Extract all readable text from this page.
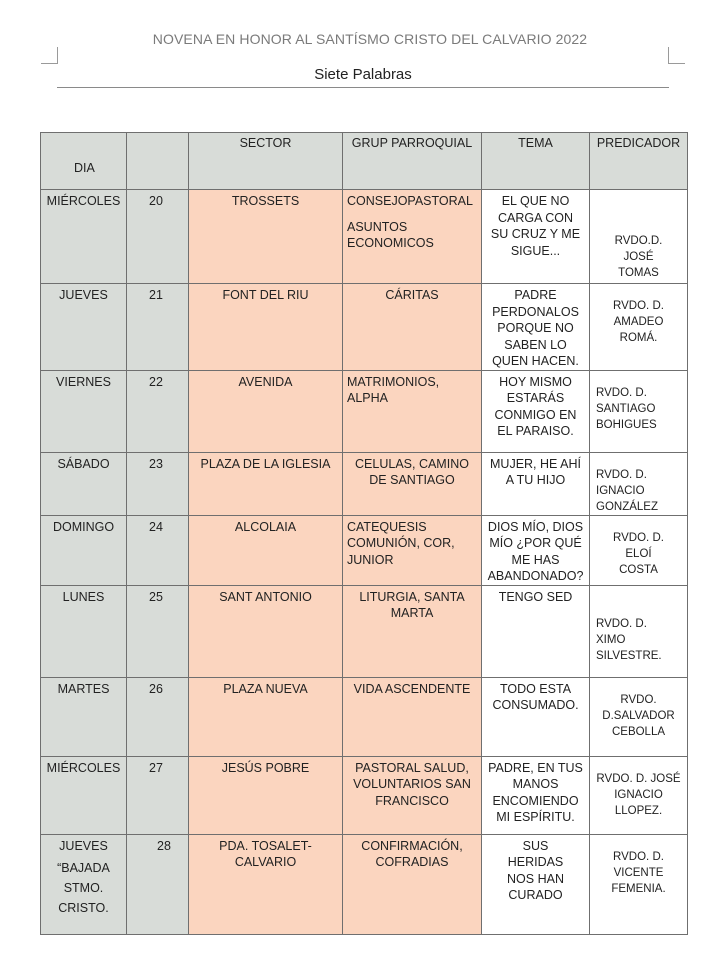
NOVENA EN HONOR AL SANTÍSMO CRISTO DEL CALVARIO 2022
Siete Palabras
DIA		SECTOR	GRUP PARROQUIAL	TEMA	PREDICADOR

MIÉRCOLES	20	TROSSETS	CONSEJOPASTORAL
ASUNTOS ECONOMICOS	EL QUE NO CARGA CON SU CRUZ Y ME SIGUE...	RVDO.D. JOSÉ TOMAS

JUEVES	21	FONT DEL RIU	CÁRITAS	PADRE PERDONALOS PORQUE NO SABEN LO QUEN HACEN.	RVDO. D. AMADEO ROMÁ.

VIERNES	22	AVENIDA	MATRIMONIOS, ALPHA	HOY MISMO ESTARÁS CONMIGO EN EL PARAISO.	RVDO. D. SANTIAGO BOHIGUES

SÁBADO	23	PLAZA DE LA IGLESIA	CELULAS, CAMINO DE SANTIAGO	MUJER, HE AHÍ A TU HIJO	RVDO. D. IGNACIO GONZÁLEZ

DOMINGO	24	ALCOLAIA	CATEQUESIS COMUNIÓN, COR, JUNIOR	DIOS MÍO, DIOS MÍO ¿POR QUÉ ME HAS ABANDONADO?	RVDO. D. ELOÍ COSTA

LUNES	25	SANT ANTONIO	LITURGIA, SANTA MARTA	TENGO SED	RVDO. D. XIMO SILVESTRE.

MARTES	26	PLAZA NUEVA	VIDA ASCENDENTE	TODO ESTA CONSUMADO.	RVDO. D.SALVADOR CEBOLLA

MIÉRCOLES	27	JESÚS POBRE	PASTORAL SALUD, VOLUNTARIOS SAN FRANCISCO	PADRE, EN TUS MANOS ENCOMIENDO MI ESPÍRITU.	RVDO. D. JOSÉ IGNACIO LLOPEZ.

JUEVES
“BAJADA STMO. CRISTO.	28	PDA. TOSALET- CALVARIO	CONFIRMACIÓN, COFRADIAS	SUS HERIDAS NOS HAN CURADO	RVDO. D. VICENTE FEMENIA.
